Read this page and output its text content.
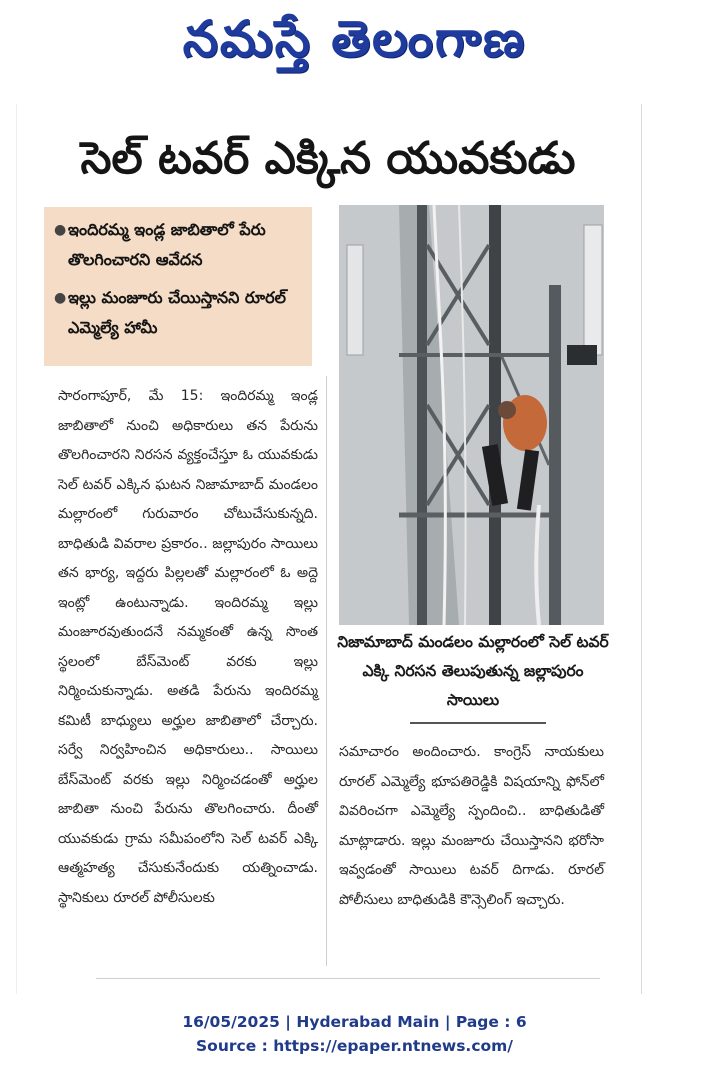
నమస్తే తెలంగాణ
సెల్ టవర్ ఎక్కిన యువకుడు
● ఇందిరమ్మ ఇండ్ల జాబితాలో పేరు తొలగించారని ఆవేదన
● ఇల్లు మంజూరు చేయిస్తానని రూరల్ ఎమ్మెల్యే హామీ
నిజామాబాద్ మండలం మల్లారంలో సెల్ టవర్ ఎక్కి నిరసన తెలుపుతున్న జల్లాపురం సాయిలు
సారంగాపూర్, మే 15: ఇందిరమ్మ ఇండ్ల జాబితాలో నుంచి అధికారులు తన పేరును తొలగించారని నిరసన వ్యక్తంచేస్తూ ఓ యువకుడు సెల్ టవర్ ఎక్కిన ఘటన నిజామాబాద్ మండలం మల్లారంలో గురువారం చోటుచేసుకున్నది. బాధితుడి వివరాల ప్రకారం.. జల్లాపురం సాయిలు తన భార్య, ఇద్దరు పిల్లలతో మల్లారంలో ఓ అద్దె ఇంట్లో ఉంటున్నాడు. ఇందిరమ్మ ఇల్లు మంజూరవుతుందనే నమ్మకంతో ఉన్న సొంత స్థలంలో బేస్‌మెంట్ వరకు ఇల్లు నిర్మించుకున్నాడు. అతడి పేరును ఇందిరమ్మ కమిటీ బాధ్యులు అర్హుల జాబితాలో చేర్చారు. సర్వే నిర్వహించిన అధికారులు.. సాయిలు బేస్‌మెంట్ వరకు ఇల్లు నిర్మించడంతో అర్హుల జాబితా నుంచి పేరును తొలగించారు. దీంతో యువకుడు గ్రామ సమీపంలోని సెల్ టవర్ ఎక్కి ఆత్మహత్య చేసుకునేందుకు యత్నించాడు. స్థానికులు రూరల్ పోలీసులకు
సమాచారం అందించారు. కాంగ్రెస్ నాయకులు రూరల్ ఎమ్మెల్యే భూపతిరెడ్డికి విషయాన్ని ఫోన్‌లో వివరించగా ఎమ్మెల్యే స్పందించి.. బాధితుడితో మాట్లాడారు. ఇల్లు మంజూరు చేయిస్తానని భరోసా ఇవ్వడంతో సాయిలు టవర్ దిగాడు. రూరల్ పోలీసులు బాధితుడికి కౌన్సెలింగ్ ఇచ్చారు.
16/05/2025 | Hyderabad Main | Page : 6
Source : https://epaper.ntnews.com/
